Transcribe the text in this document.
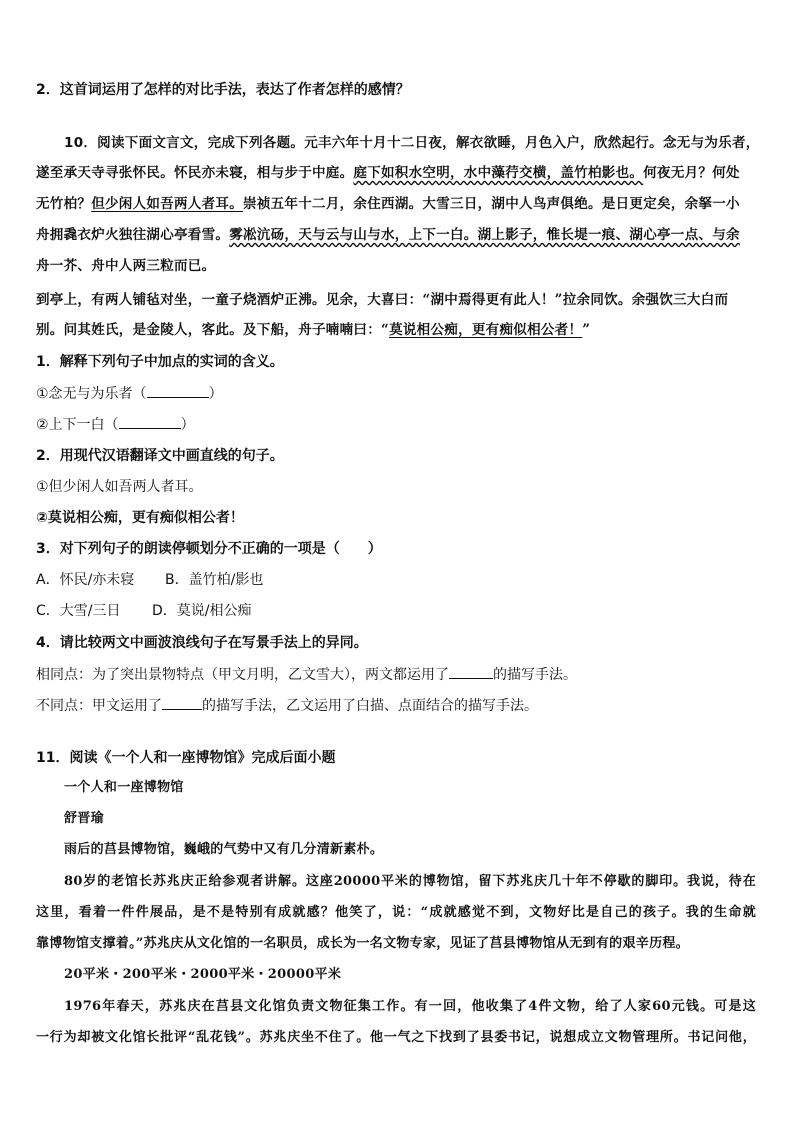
2．这首词运用了怎样的对比手法，表达了作者怎样的感情？
10．阅读下面文言文，完成下列各题。元丰六年十月十二日夜，解衣欲睡，月色入户，欣然起行。念无与为乐者，
遂至承天寺寻张怀民。怀民亦未寝，相与步于中庭。庭下如积水空明，水中藻荇交横，盖竹柏影也。何夜无月？何处
无竹柏？但少闲人如吾两人者耳。崇祯五年十二月，余住西湖。大雪三日，湖中人鸟声俱绝。是日更定矣，余拏一小
舟拥毳衣炉火独往湖心亭看雪。雾凇沆砀，天与云与山与水，上下一白。湖上影子，惟长堤一痕、湖心亭一点、与余
舟一芥、舟中人两三粒而已。
到亭上，有两人铺毡对坐，一童子烧酒炉正沸。见余，大喜曰：“湖中焉得更有此人！”拉余同饮。余强饮三大白而
别。问其姓氏，是金陵人，客此。及下船，舟子喃喃曰：“莫说相公痴，更有痴似相公者！”
1．解释下列句子中加点的实词的含义。
①念无与为乐者（	）
②上下一白（	）
2．用现代汉语翻译文中画直线的句子。
①但少闲人如吾两人者耳。
②莫说相公痴，更有痴似相公者！
3．对下列句子的朗读停顿划分不正确的一项是（　　）
A．怀民/亦未寝 B．盖竹柏/影也
C．大雪/三日 D．莫说/相公痴
4．请比较两文中画波浪线句子在写景手法上的异同。
相同点：为了突出景物特点（甲文月明，乙文雪大），两文都运用了	的描写手法。
不同点：甲文运用了	的描写手法，乙文运用了白描、点面结合的描写手法。
11．阅读《一个人和一座博物馆》完成后面小题
一个人和一座博物馆
舒晋瑜
雨后的莒县博物馆，巍峨的气势中又有几分清新素朴。
80岁的老馆长苏兆庆正给参观者讲解。这座20000平米的博物馆，留下苏兆庆几十年不停歇的脚印。我说，待在
这里，看着一件件展品，是不是特别有成就感？他笑了，说：“成就感觉不到，文物好比是自己的孩子。我的生命就
靠博物馆支撑着。”苏兆庆从文化馆的一名职员，成长为一名文物专家，见证了莒县博物馆从无到有的艰辛历程。
20平米・200平米・2000平米・20000平米
1976年春天，苏兆庆在莒县文化馆负责文物征集工作。有一回，他收集了4件文物，给了人家60元钱。可是这
一行为却被文化馆长批评“乱花钱”。苏兆庆坐不住了。他一气之下找到了县委书记，说想成立文物管理所。书记问他，
